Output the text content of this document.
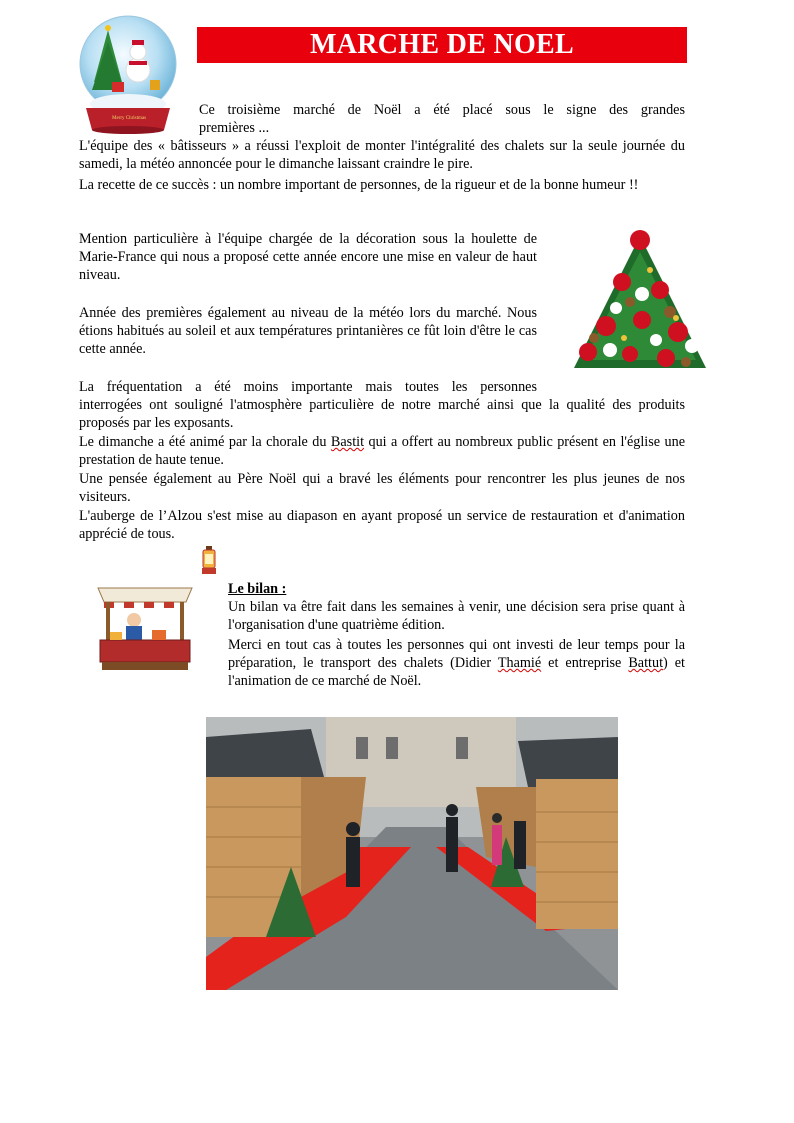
Merry Christmas
MARCHE DE NOEL

Ce troisième marché de Noël a été placé sous le signe des grandes

premières ...

L'équipe des « bâtisseurs » a réussi l'exploit de monter l'intégralité des chalets sur la seule journée du samedi, la météo annoncée pour le dimanche laissant craindre le pire.

La recette de ce succès : un nombre important de personnes, de la rigueur et de la bonne humeur !!

Mention particulière à l'équipe chargée de la décoration sous la houlette de Marie-France qui nous a proposé cette année encore une mise en valeur de haut niveau.

Année des premières également au niveau de la météo lors du marché. Nous étions habitués au soleil et aux températures printanières ce fût loin d'être le cas cette année.

La fréquentation a été moins importante mais toutes les personnes

interrogées ont souligné l'atmosphère particulière de notre marché ainsi que la qualité des produits proposés par les exposants.

Le dimanche a été animé par la chorale du Bastit qui a offert au nombreux public présent en l'église une prestation de haute tenue.

Une pensée également au Père Noël qui a bravé les éléments pour rencontrer les plus jeunes de nos visiteurs.

L'auberge de l’Alzou s'est mise au diapason en ayant proposé un service de restauration et d'animation apprécié de tous.

Le bilan :

Un bilan va être fait dans les semaines à venir, une décision sera prise quant à l'organisation d'une quatrième édition.

Merci en tout cas à toutes les personnes qui ont investi de leur temps pour la préparation, le transport des chalets (Didier Thamié et entreprise Battut) et l'animation de ce marché de Noël.
